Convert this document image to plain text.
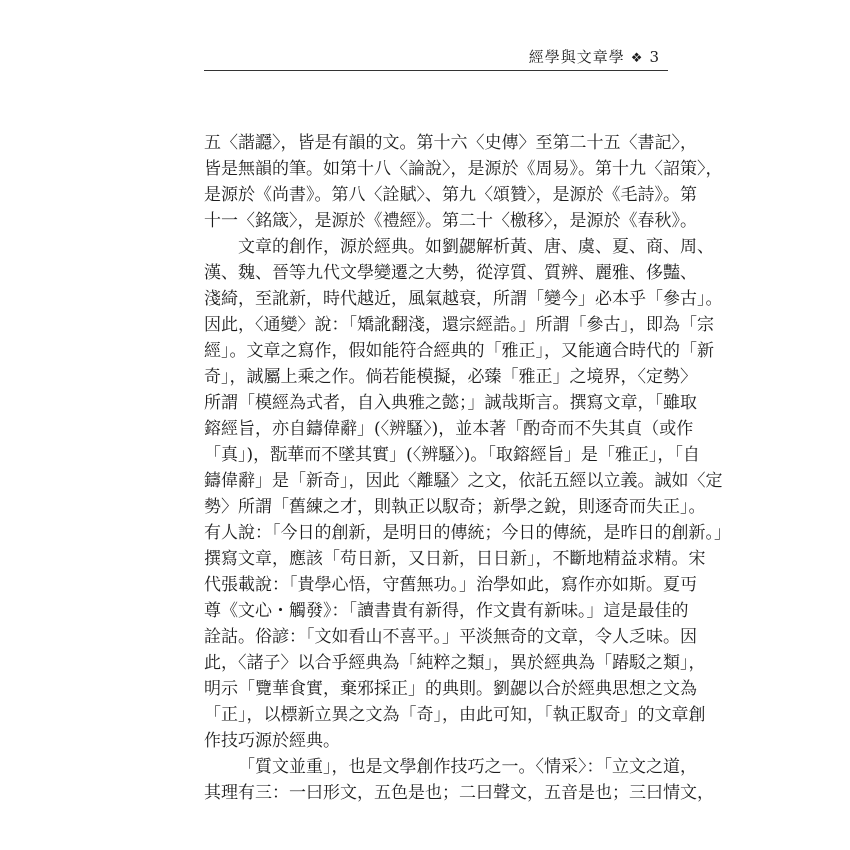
經學與文章學 ❖ 3
五〈諧讔〉，皆是有韻的文。第十六〈史傳〉至第二十五〈書記〉，
皆是無韻的筆。如第十八〈論說〉，是源於《周易》。第十九〈詔策〉，
是源於《尚書》。第八〈詮賦〉、第九〈頌贊〉，是源於《毛詩》。第
十一〈銘箴〉，是源於《禮經》。第二十〈檄移〉，是源於《春秋》。
文章的創作，源於經典。如劉勰解析黃、唐、虞、夏、商、周、
漢、魏、晉等九代文學變遷之大勢，從淳質、質辨、麗雅、侈豔、
淺綺，至訛新，時代越近，風氣越衰，所謂「變今」必本乎「參古」。
因此，〈通變〉說：「矯訛翻淺，還宗經誥。」所謂「參古」，即為「宗
經」。文章之寫作，假如能符合經典的「雅正」，又能適合時代的「新
奇」，誠屬上乘之作。倘若能模擬，必臻「雅正」之境界，〈定勢〉
所謂「模經為式者，自入典雅之懿；」誠哉斯言。撰寫文章，「雖取
鎔經旨，亦自鑄偉辭」(〈辨騷〉)，並本著「酌奇而不失其貞（或作
「真」)，翫華而不墜其實」(〈辨騷〉)。「取鎔經旨」是「雅正」，「自
鑄偉辭」是「新奇」，因此〈離騷〉之文，依託五經以立義。誠如〈定
勢〉所謂「舊練之才，則執正以馭奇；新學之銳，則逐奇而失正」。
有人說：「今日的創新，是明日的傳統；今日的傳統，是昨日的創新。」
撰寫文章，應該「苟日新，又日新，日日新」，不斷地精益求精。宋
代張載說：「貴學心悟，守舊無功。」治學如此，寫作亦如斯。夏丏
尊《文心・觸發》：「讀書貴有新得，作文貴有新味。」這是最佳的
詮詁。俗諺：「文如看山不喜平。」平淡無奇的文章，令人乏味。因
此，〈諸子〉以合乎經典為「純粹之類」，異於經典為「踳駁之類」，
明示「覽華食實，棄邪採正」的典則。劉勰以合於經典思想之文為
「正」，以標新立異之文為「奇」，由此可知，「執正馭奇」的文章創
作技巧源於經典。
「質文並重」，也是文學創作技巧之一。〈情采〉：「立文之道，
其理有三：一曰形文，五色是也；二曰聲文，五音是也；三曰情文，
